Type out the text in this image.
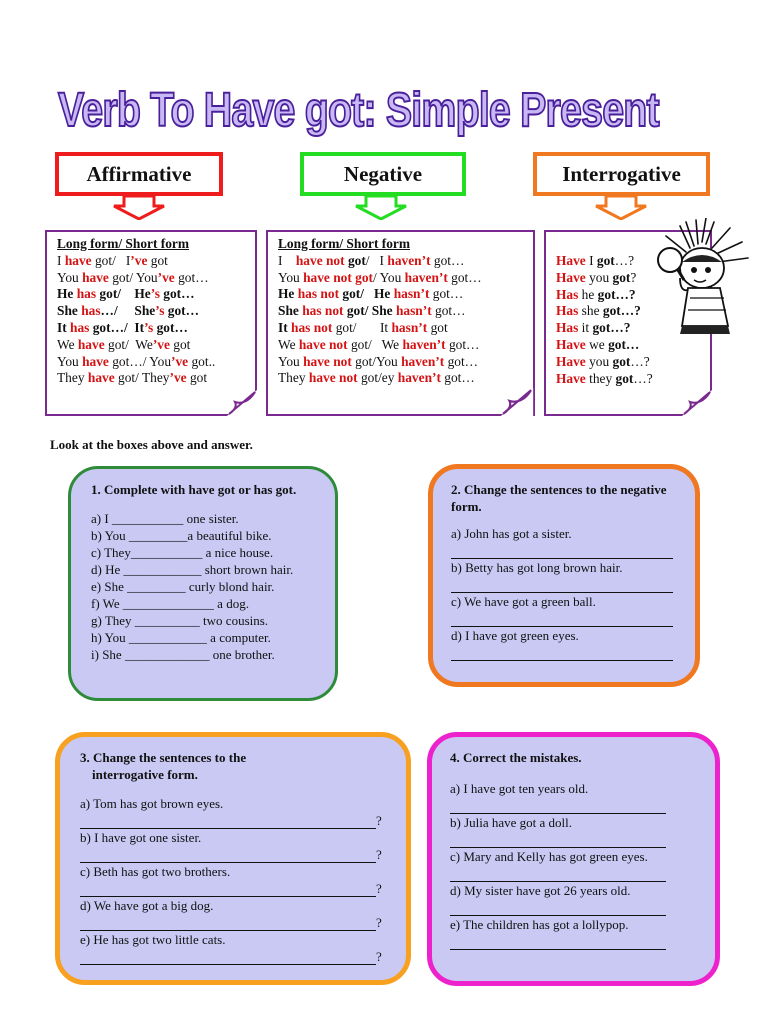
Verb To Have got: Simple Present
Affirmative	Negative	Interrogative
Long form/ Short form
I have got/   I’ve got
You have got/ You’ve got…
He has got/    He’s got…
She has…/     She’s got…
It has got…/  It’s got…
We have got/  We’ve got
You have got…/ You’ve got..
They have got/ They’ve got
Long form/ Short form
I    have not got/   I haven’t got…
You have not got/ You haven’t got…
He has not got/   He hasn’t got…
She has not got/ She hasn’t got…
It has not got/       It hasn’t got
We have not got/   We haven’t got…
You have not got/You haven’t got…
They have not got/ey haven’t got…
Have I got…?
Have you got?
Has he got…?
Has she got…?
Has it got…?
Have we got…
Have you got…?
Have they got…?
Look at the boxes above and answer.
1. Complete with have got or has got.
a) I ___________ one sister.
b) You _________a beautiful bike.
c) They___________ a nice house.
d) He ____________ short brown hair.
e) She _________ curly blond hair.
f) We ______________ a dog.
g) They __________ two cousins.
h) You ____________ a computer.
i) She _____________ one brother.
2. Change the sentences to the negative form.
a) John has got a sister.
b) Betty has got long brown hair.
c) We have got a green ball.
d) I have got green eyes.
3. Change the sentences to the
interrogative form.
a) Tom has got brown eyes.
?
b) I have got one sister.
?
c) Beth has got two brothers.
?
d) We have got a big dog.
?
e) He has got two little cats.
?
4. Correct the mistakes.
a) I have got ten years old.
b) Julia have got a doll.
c) Mary and Kelly has got green eyes.
d) My sister have got 26 years old.
e) The children has got a lollypop.
